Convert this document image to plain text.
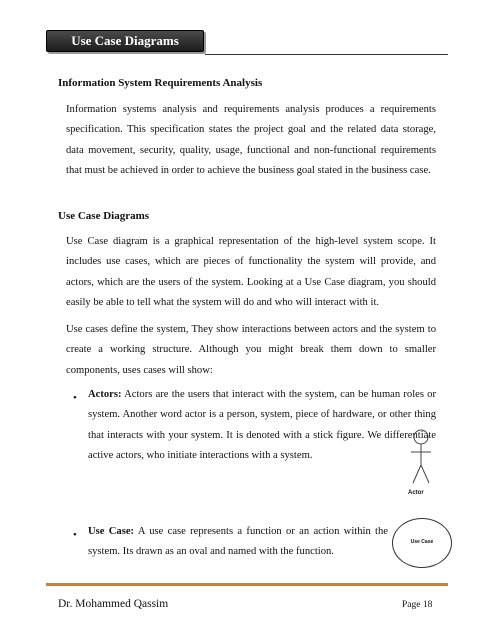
Use Case Diagrams
Information System Requirements Analysis
Information systems analysis and requirements analysis produces a requirements specification. This specification states the project goal and the related data storage, data movement, security, quality, usage, functional and non-functional requirements that must be achieved in order to achieve the business goal stated in the business case.
Use Case Diagrams
Use Case diagram is a graphical representation of the high-level system scope. It includes use cases, which are pieces of functionality the system will provide, and actors, which are the users of the system. Looking at a Use Case diagram, you should easily be able to tell what the system will do and who will interact with it.
Use cases define the system, They show interactions between actors and the system to create a working structure. Although you might break them down to smaller components, uses cases will show:
• Actors: Actors are the users that interact with the system, can be human roles or system. Another word actor is a person, system, piece of hardware, or other thing that interacts with your system. It is denoted with a stick figure. We differentiate active actors, who initiate interactions with a system.
Actor
• Use Case: A use case represents a function or an action within the system. Its drawn as an oval and named with the function.
Use Case
Dr. Mohammed Qassim	Page 18
